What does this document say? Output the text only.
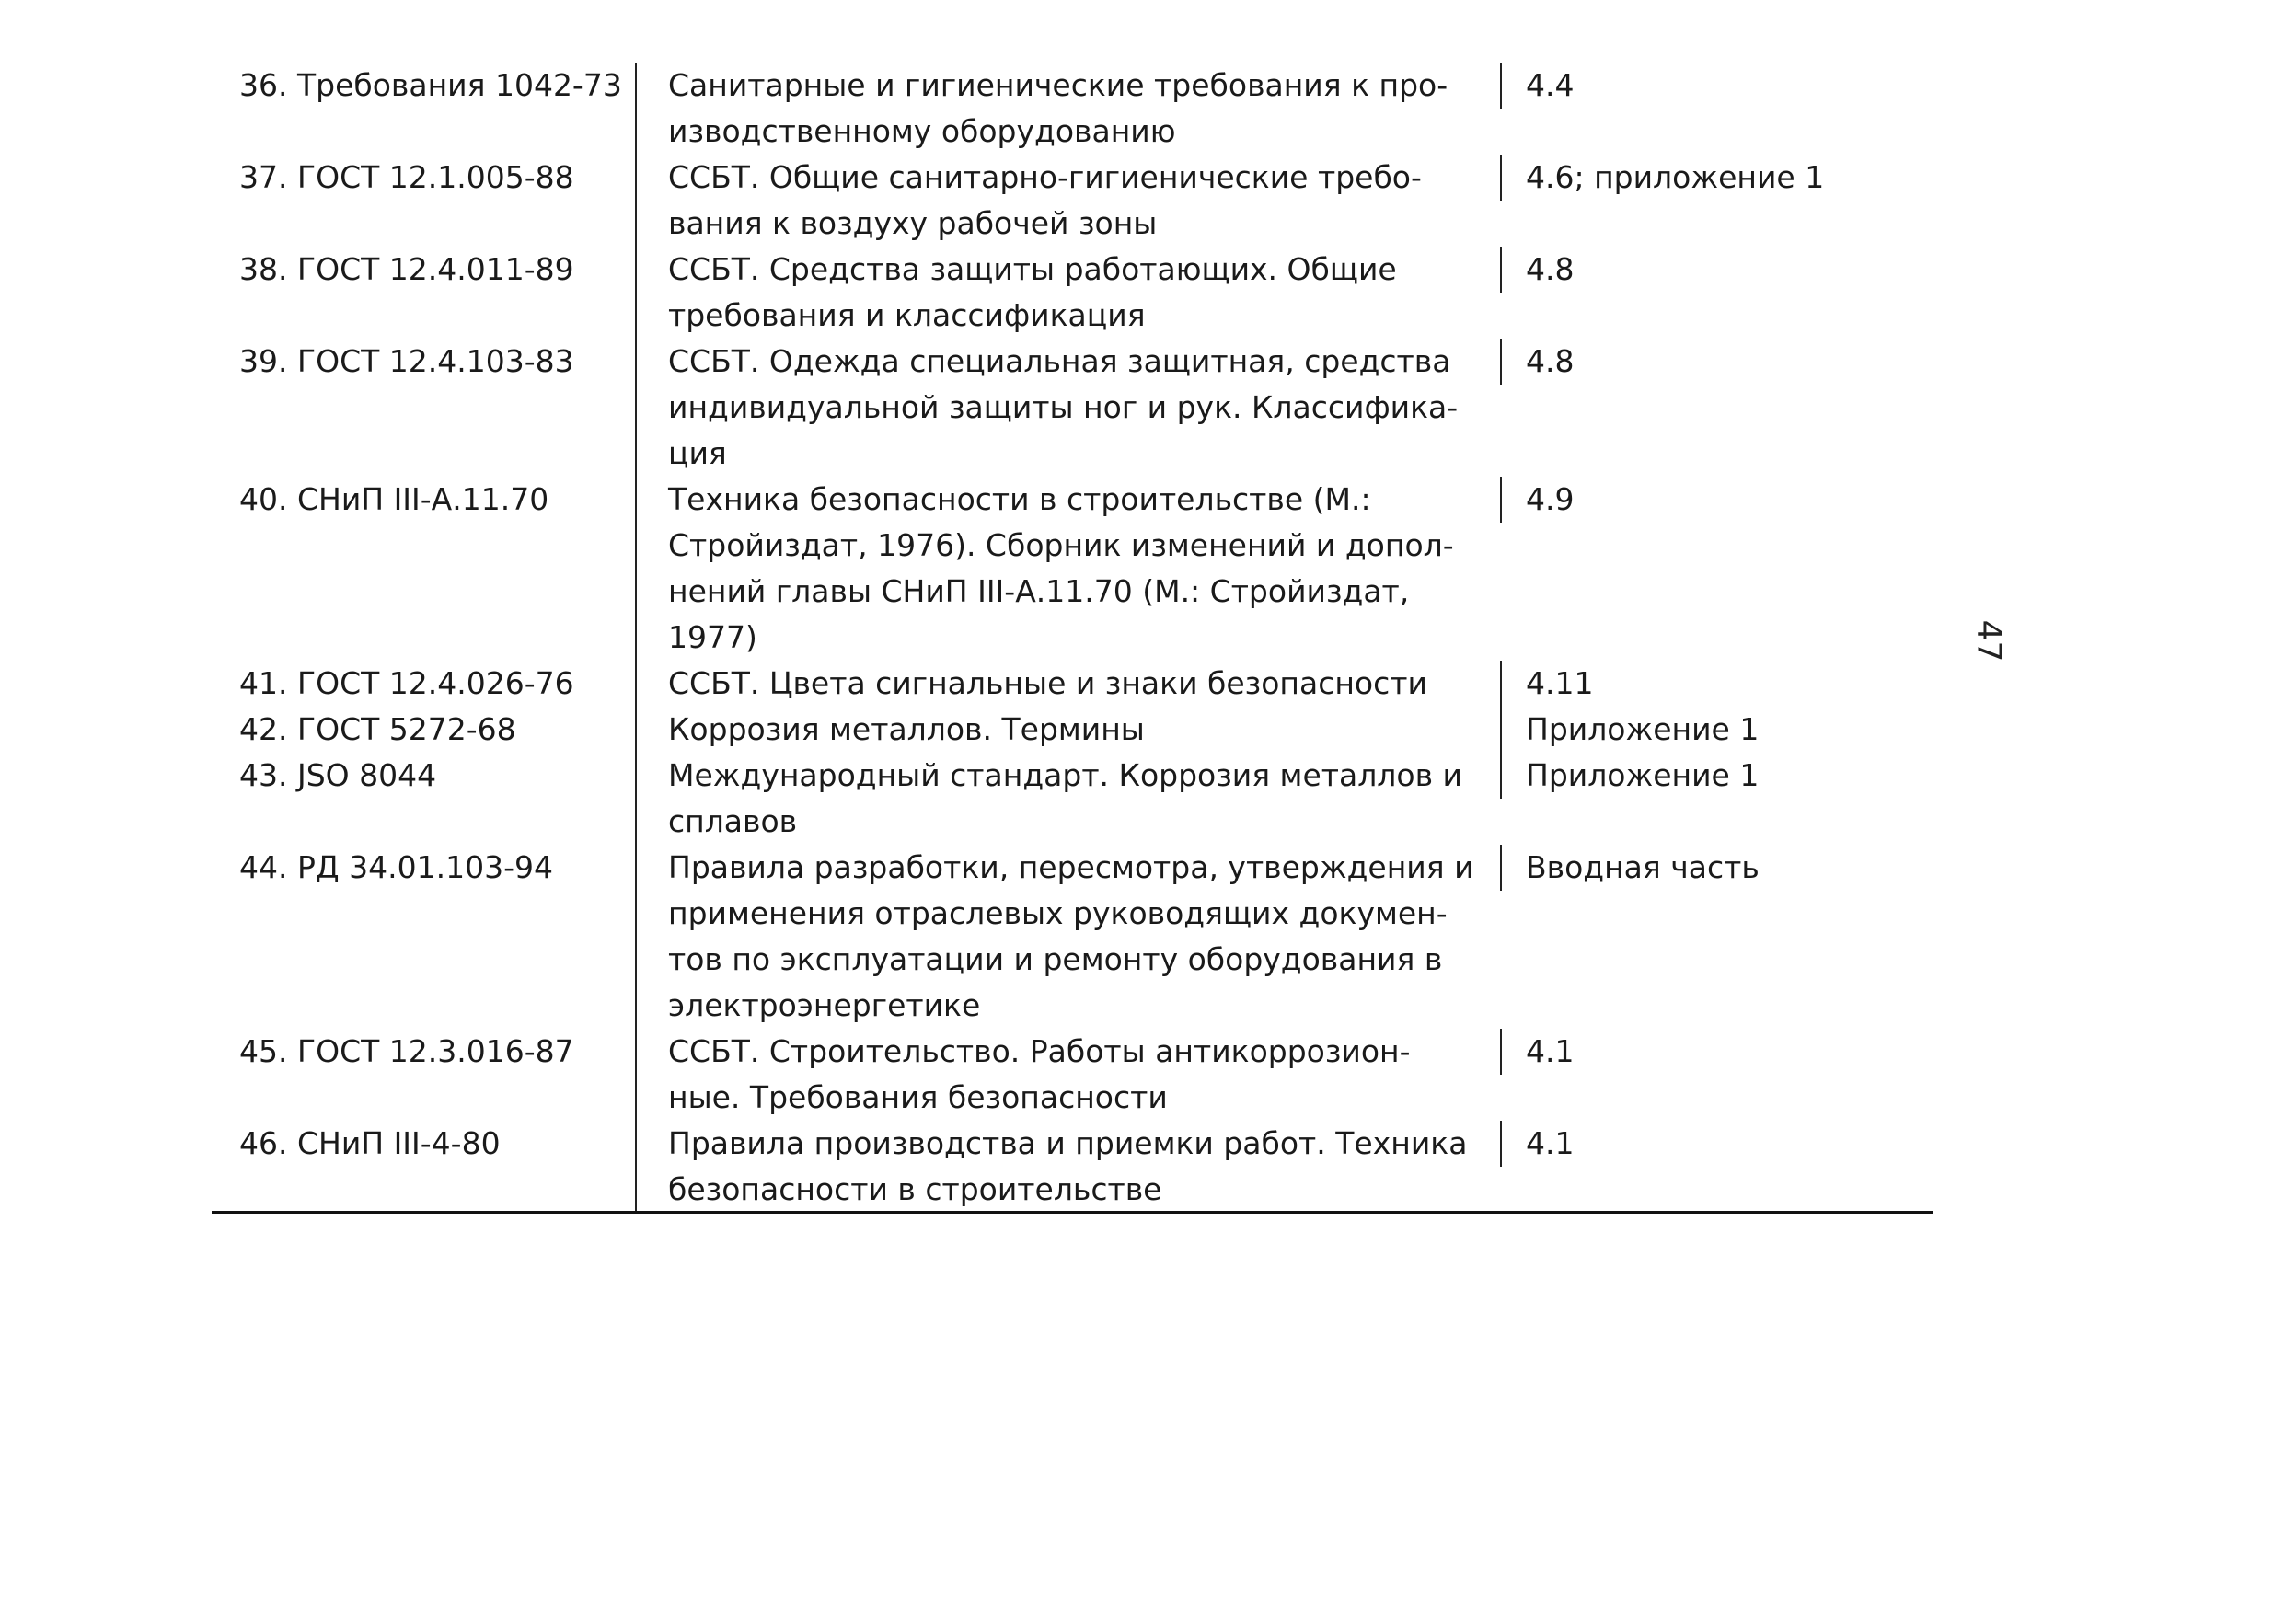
36. Требования 1042-73	Санитарные и гигиенические требования к про-
изводственному оборудованию
4.4
37. ГОСТ 12.1.005-88	ССБТ. Общие санитарно-гигиенические требо-
вания к воздуху рабочей зоны
4.6; приложение 1
38. ГОСТ 12.4.011-89	ССБТ. Средства защиты работающих. Общие
требования и классификация
4.8
39. ГОСТ 12.4.103-83	ССБТ. Одежда специальная защитная, средства
индивидуальной защиты ног и рук. Классифика-
ция
4.8
40. СНиП III-А.11.70	Техника безопасности в строительстве (М.:
Стройиздат, 1976). Сборник изменений и допол-
нений главы СНиП III-А.11.70 (М.: Стройиздат,
1977)
4.9
41. ГОСТ 12.4.026-76	ССБТ. Цвета сигнальные и знаки безопасности	4.11
42. ГОСТ 5272-68	Коррозия металлов. Термины	Приложение 1
43. JSO 8044	Международный стандарт. Коррозия металлов и
сплавов
Приложение 1
44. РД 34.01.103-94	Правила разработки, пересмотра, утверждения и
применения отраслевых руководящих докумен-
тов по эксплуатации и ремонту оборудования в
электроэнергетике
Вводная часть
45. ГОСТ 12.3.016-87	ССБТ. Строительство. Работы антикоррозион-
ные. Требования безопасности
4.1
46. СНиП III-4-80	Правила производства и приемки работ. Техника
безопасности в строительстве
4.1
47
